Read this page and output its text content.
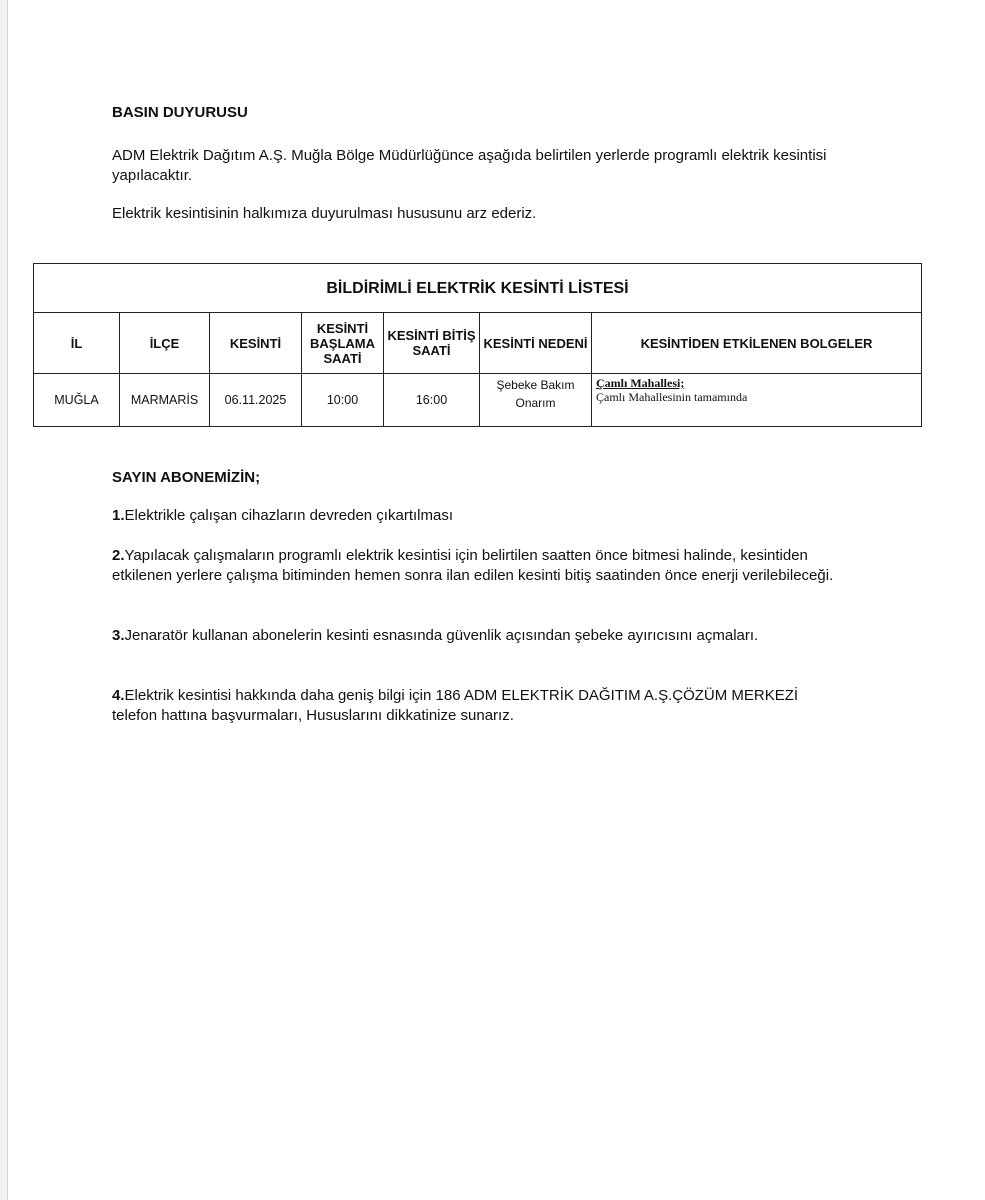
BASIN DUYURUSU
ADM Elektrik Dağıtım A.Ş. Muğla Bölge Müdürlüğünce aşağıda belirtilen yerlerde programlı elektrik kesintisi yapılacaktır.
Elektrik kesintisinin halkımıza duyurulması hususunu arz ederiz.
BİLDİRİMLİ ELEKTRİK KESİNTİ LİSTESİ						
İL	İLÇE	KESİNTİ	KESİNTİ BAŞLAMA SAATİ	KESİNTİ BİTİŞ SAATİ	KESİNTİ NEDENİ	KESİNTİDEN ETKİLENEN BOLGELER
MUĞLA	MARMARİS	06.11.2025	10:00	16:00	Şebeke Bakım Onarım	Çamlı Mahallesi;
Çamlı Mahallesinin tamamında
SAYIN ABONEMİZİN;
1.Elektrikle çalışan cihazların devreden çıkartılması
2.Yapılacak çalışmaların programlı elektrik kesintisi için belirtilen saatten önce bitmesi halinde, kesintiden etkilenen yerlere çalışma bitiminden hemen sonra ilan edilen kesinti bitiş saatinden önce enerji verilebileceği.
3.Jenaratör kullanan abonelerin kesinti esnasında güvenlik açısından şebeke ayırıcısını açmaları.
4.Elektrik kesintisi hakkında daha geniş bilgi için 186 ADM ELEKTRİK DAĞITIM A.Ş.ÇÖZÜM MERKEZİ telefon hattına başvurmaları, Hususlarını dikkatinize sunarız.
